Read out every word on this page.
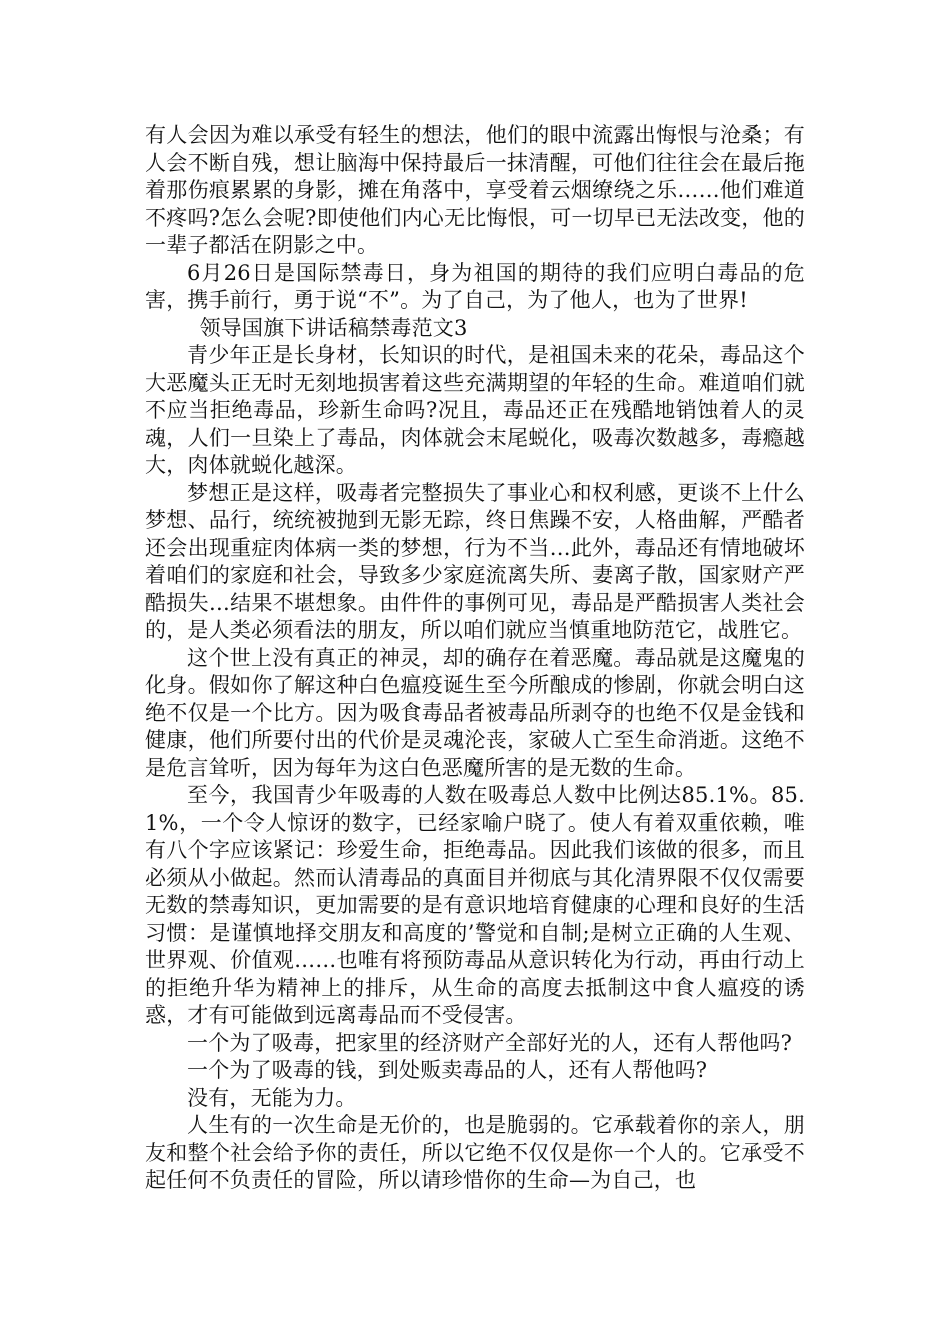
有人会因为难以承受有轻生的想法，他们的眼中流露出悔恨与沧桑；有人会不断自残，想让脑海中保持最后一抹清醒，可他们往往会在最后拖着那伤痕累累的身影，摊在角落中，享受着云烟缭绕之乐……他们难道不疼吗?怎么会呢?即使他们内心无比悔恨，可一切早已无法改变，他的一辈子都活在阴影之中。

6月26日是国际禁毒日，身为祖国的期待的我们应明白毒品的危害，携手前行，勇于说“不”。为了自己，为了他人，也为了世界!

领导国旗下讲话稿禁毒范文3

青少年正是长身材，长知识的时代，是祖国未来的花朵，毒品这个大恶魔头正无时无刻地损害着这些充满期望的年轻的生命。难道咱们就不应当拒绝毒品，珍新生命吗?况且，毒品还正在残酷地销蚀着人的灵魂，人们一旦染上了毒品，肉体就会末尾蜕化，吸毒次数越多，毒瘾越大，肉体就蜕化越深。

梦想正是这样，吸毒者完整损失了事业心和权利感，更谈不上什么梦想、品行，统统被抛到无影无踪，终日焦躁不安，人格曲解，严酷者还会出现重症肉体病一类的梦想，行为不当…此外，毒品还有情地破坏着咱们的家庭和社会，导致多少家庭流离失所、妻离子散，国家财产严酷损失…结果不堪想象。由件件的事例可见，毒品是严酷损害人类社会的，是人类必须看法的朋友，所以咱们就应当慎重地防范它，战胜它。

这个世上没有真正的神灵，却的确存在着恶魔。毒品就是这魔鬼的化身。假如你了解这种白色瘟疫诞生至今所酿成的惨剧，你就会明白这绝不仅是一个比方。因为吸食毒品者被毒品所剥夺的也绝不仅是金钱和健康，他们所要付出的代价是灵魂沦丧，家破人亡至生命消逝。这绝不是危言耸听，因为每年为这白色恶魔所害的是无数的生命。

至今，我国青少年吸毒的人数在吸毒总人数中比例达85.1%。85.1%，一个令人惊讶的数字，已经家喻户晓了。使人有着双重依赖，唯有八个字应该紧记：珍爱生命，拒绝毒品。因此我们该做的很多，而且必须从小做起。然而认清毒品的真面目并彻底与其化清界限不仅仅需要无数的禁毒知识，更加需要的是有意识地培育健康的心理和良好的生活习惯：是谨慎地择交朋友和高度的’警觉和自制;是树立正确的人生观、世界观、价值观……也唯有将预防毒品从意识转化为行动，再由行动上的拒绝升华为精神上的排斥，从生命的高度去抵制这中食人瘟疫的诱惑，才有可能做到远离毒品而不受侵害。

一个为了吸毒，把家里的经济财产全部好光的人，还有人帮他吗?

一个为了吸毒的钱，到处贩卖毒品的人，还有人帮他吗?

没有，无能为力。

人生有的一次生命是无价的，也是脆弱的。它承载着你的亲人，朋友和整个社会给予你的责任，所以它绝不仅仅是你一个人的。它承受不起任何不负责任的冒险，所以请珍惜你的生命—为自己，也
